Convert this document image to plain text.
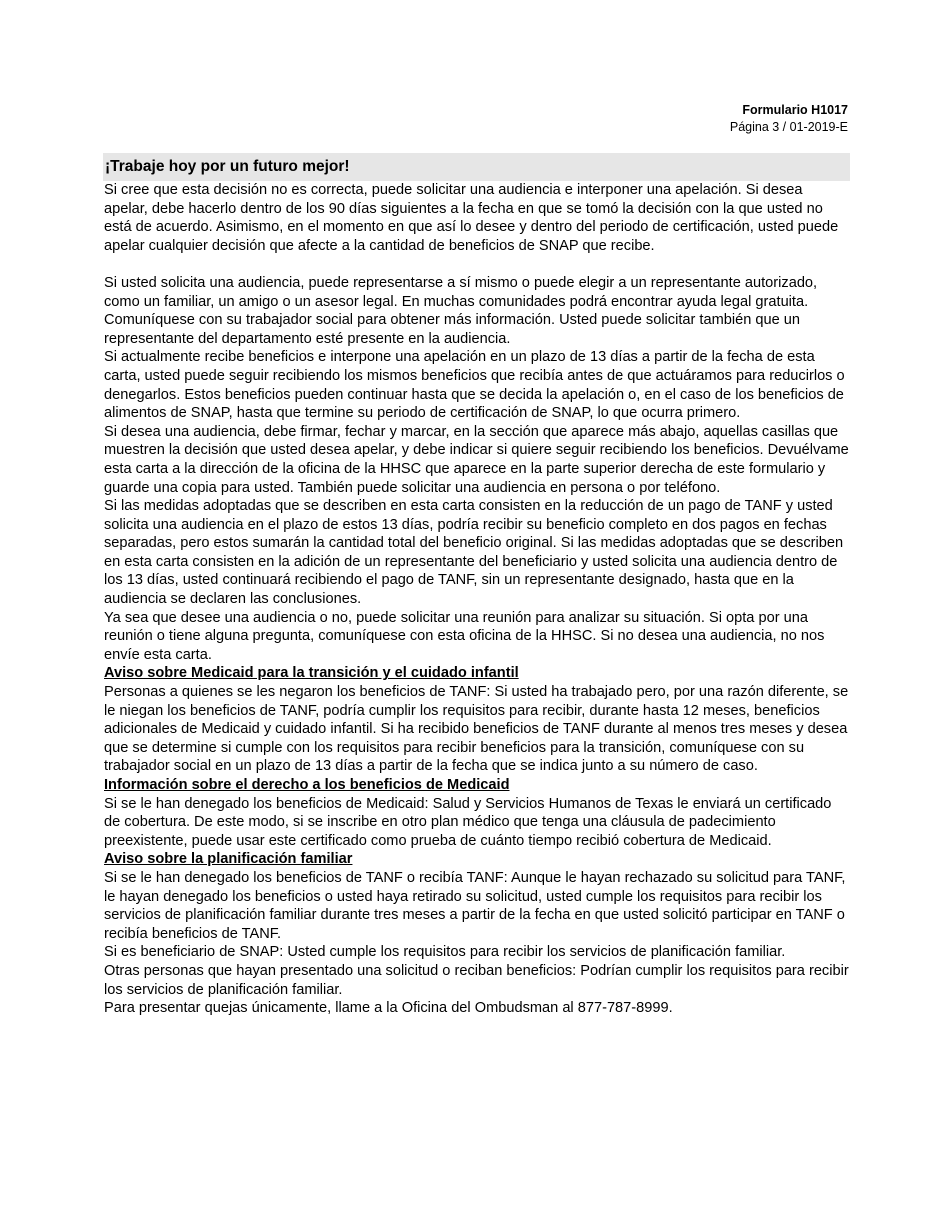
Formulario H1017
Página 3 / 01-2019-E
¡Trabaje hoy por un futuro mejor!

Si cree que esta decisión no es correcta, puede solicitar una audiencia e interponer una apelación. Si desea apelar, debe hacerlo dentro de los 90 días siguientes a la fecha en que se tomó la decisión con la que usted no está de acuerdo. Asimismo, en el momento en que así lo desee y dentro del periodo de certificación, usted puede apelar cualquier decisión que afecte a la cantidad de beneficios de SNAP que recibe.

Si usted solicita una audiencia, puede representarse a sí mismo o puede elegir a un representante autorizado, como un familiar, un amigo o un asesor legal. En muchas comunidades podrá encontrar ayuda legal gratuita. Comuníquese con su trabajador social para obtener más información. Usted puede solicitar también que un representante del departamento esté presente en la audiencia.

Si actualmente recibe beneficios e interpone una apelación en un plazo de 13 días a partir de la fecha de esta carta, usted puede seguir recibiendo los mismos beneficios que recibía antes de que actuáramos para reducirlos o denegarlos. Estos beneficios pueden continuar hasta que se decida la apelación o, en el caso de los beneficios de alimentos de SNAP, hasta que termine su periodo de certificación de SNAP, lo que ocurra primero.

Si desea una audiencia, debe firmar, fechar y marcar, en la sección que aparece más abajo, aquellas casillas que muestren la decisión que usted desea apelar, y debe indicar si quiere seguir recibiendo los beneficios. Devuélvame esta carta a la dirección de la oficina de la HHSC que aparece en la parte superior derecha de este formulario y guarde una copia para usted. También puede solicitar una audiencia en persona o por teléfono.

Si las medidas adoptadas que se describen en esta carta consisten en la reducción de un pago de TANF y usted solicita una audiencia en el plazo de estos 13 días, podría recibir su beneficio completo en dos pagos en fechas separadas, pero estos sumarán la cantidad total del beneficio original. Si las medidas adoptadas que se describen en esta carta consisten en la adición de un representante del beneficiario y usted solicita una audiencia dentro de los 13 días, usted continuará recibiendo el pago de TANF, sin un representante designado, hasta que en la audiencia se declaren las conclusiones.

Ya sea que desee una audiencia o no, puede solicitar una reunión para analizar su situación. Si opta por una reunión o tiene alguna pregunta, comuníquese con esta oficina de la HHSC. Si no desea una audiencia, no nos envíe esta carta.

Aviso sobre Medicaid para la transición y el cuidado infantil

Personas a quienes se les negaron los beneficios de TANF: Si usted ha trabajado pero, por una razón diferente, se le niegan los beneficios de TANF, podría cumplir los requisitos para recibir, durante hasta 12 meses, beneficios adicionales de Medicaid y cuidado infantil. Si ha recibido beneficios de TANF durante al menos tres meses y desea que se determine si cumple con los requisitos para recibir beneficios para la transición, comuníquese con su trabajador social en un plazo de 13 días a partir de la fecha que se indica junto a su número de caso.

Información sobre el derecho a los beneficios de Medicaid

Si se le han denegado los beneficios de Medicaid: Salud y Servicios Humanos de Texas le enviará un certificado de cobertura. De este modo, si se inscribe en otro plan médico que tenga una cláusula de padecimiento preexistente, puede usar este certificado como prueba de cuánto tiempo recibió cobertura de Medicaid.

Aviso sobre la planificación familiar

Si se le han denegado los beneficios de TANF o recibía TANF: Aunque le hayan rechazado su solicitud para TANF, le hayan denegado los beneficios o usted haya retirado su solicitud, usted cumple los requisitos para recibir los servicios de planificación familiar durante tres meses a partir de la fecha en que usted solicitó participar en TANF o recibía beneficios de TANF.

Si es beneficiario de SNAP: Usted cumple los requisitos para recibir los servicios de planificación familiar.

Otras personas que hayan presentado una solicitud o reciban beneficios: Podrían cumplir los requisitos para recibir los servicios de planificación familiar.

Para presentar quejas únicamente, llame a la Oficina del Ombudsman al 877-787-8999.
